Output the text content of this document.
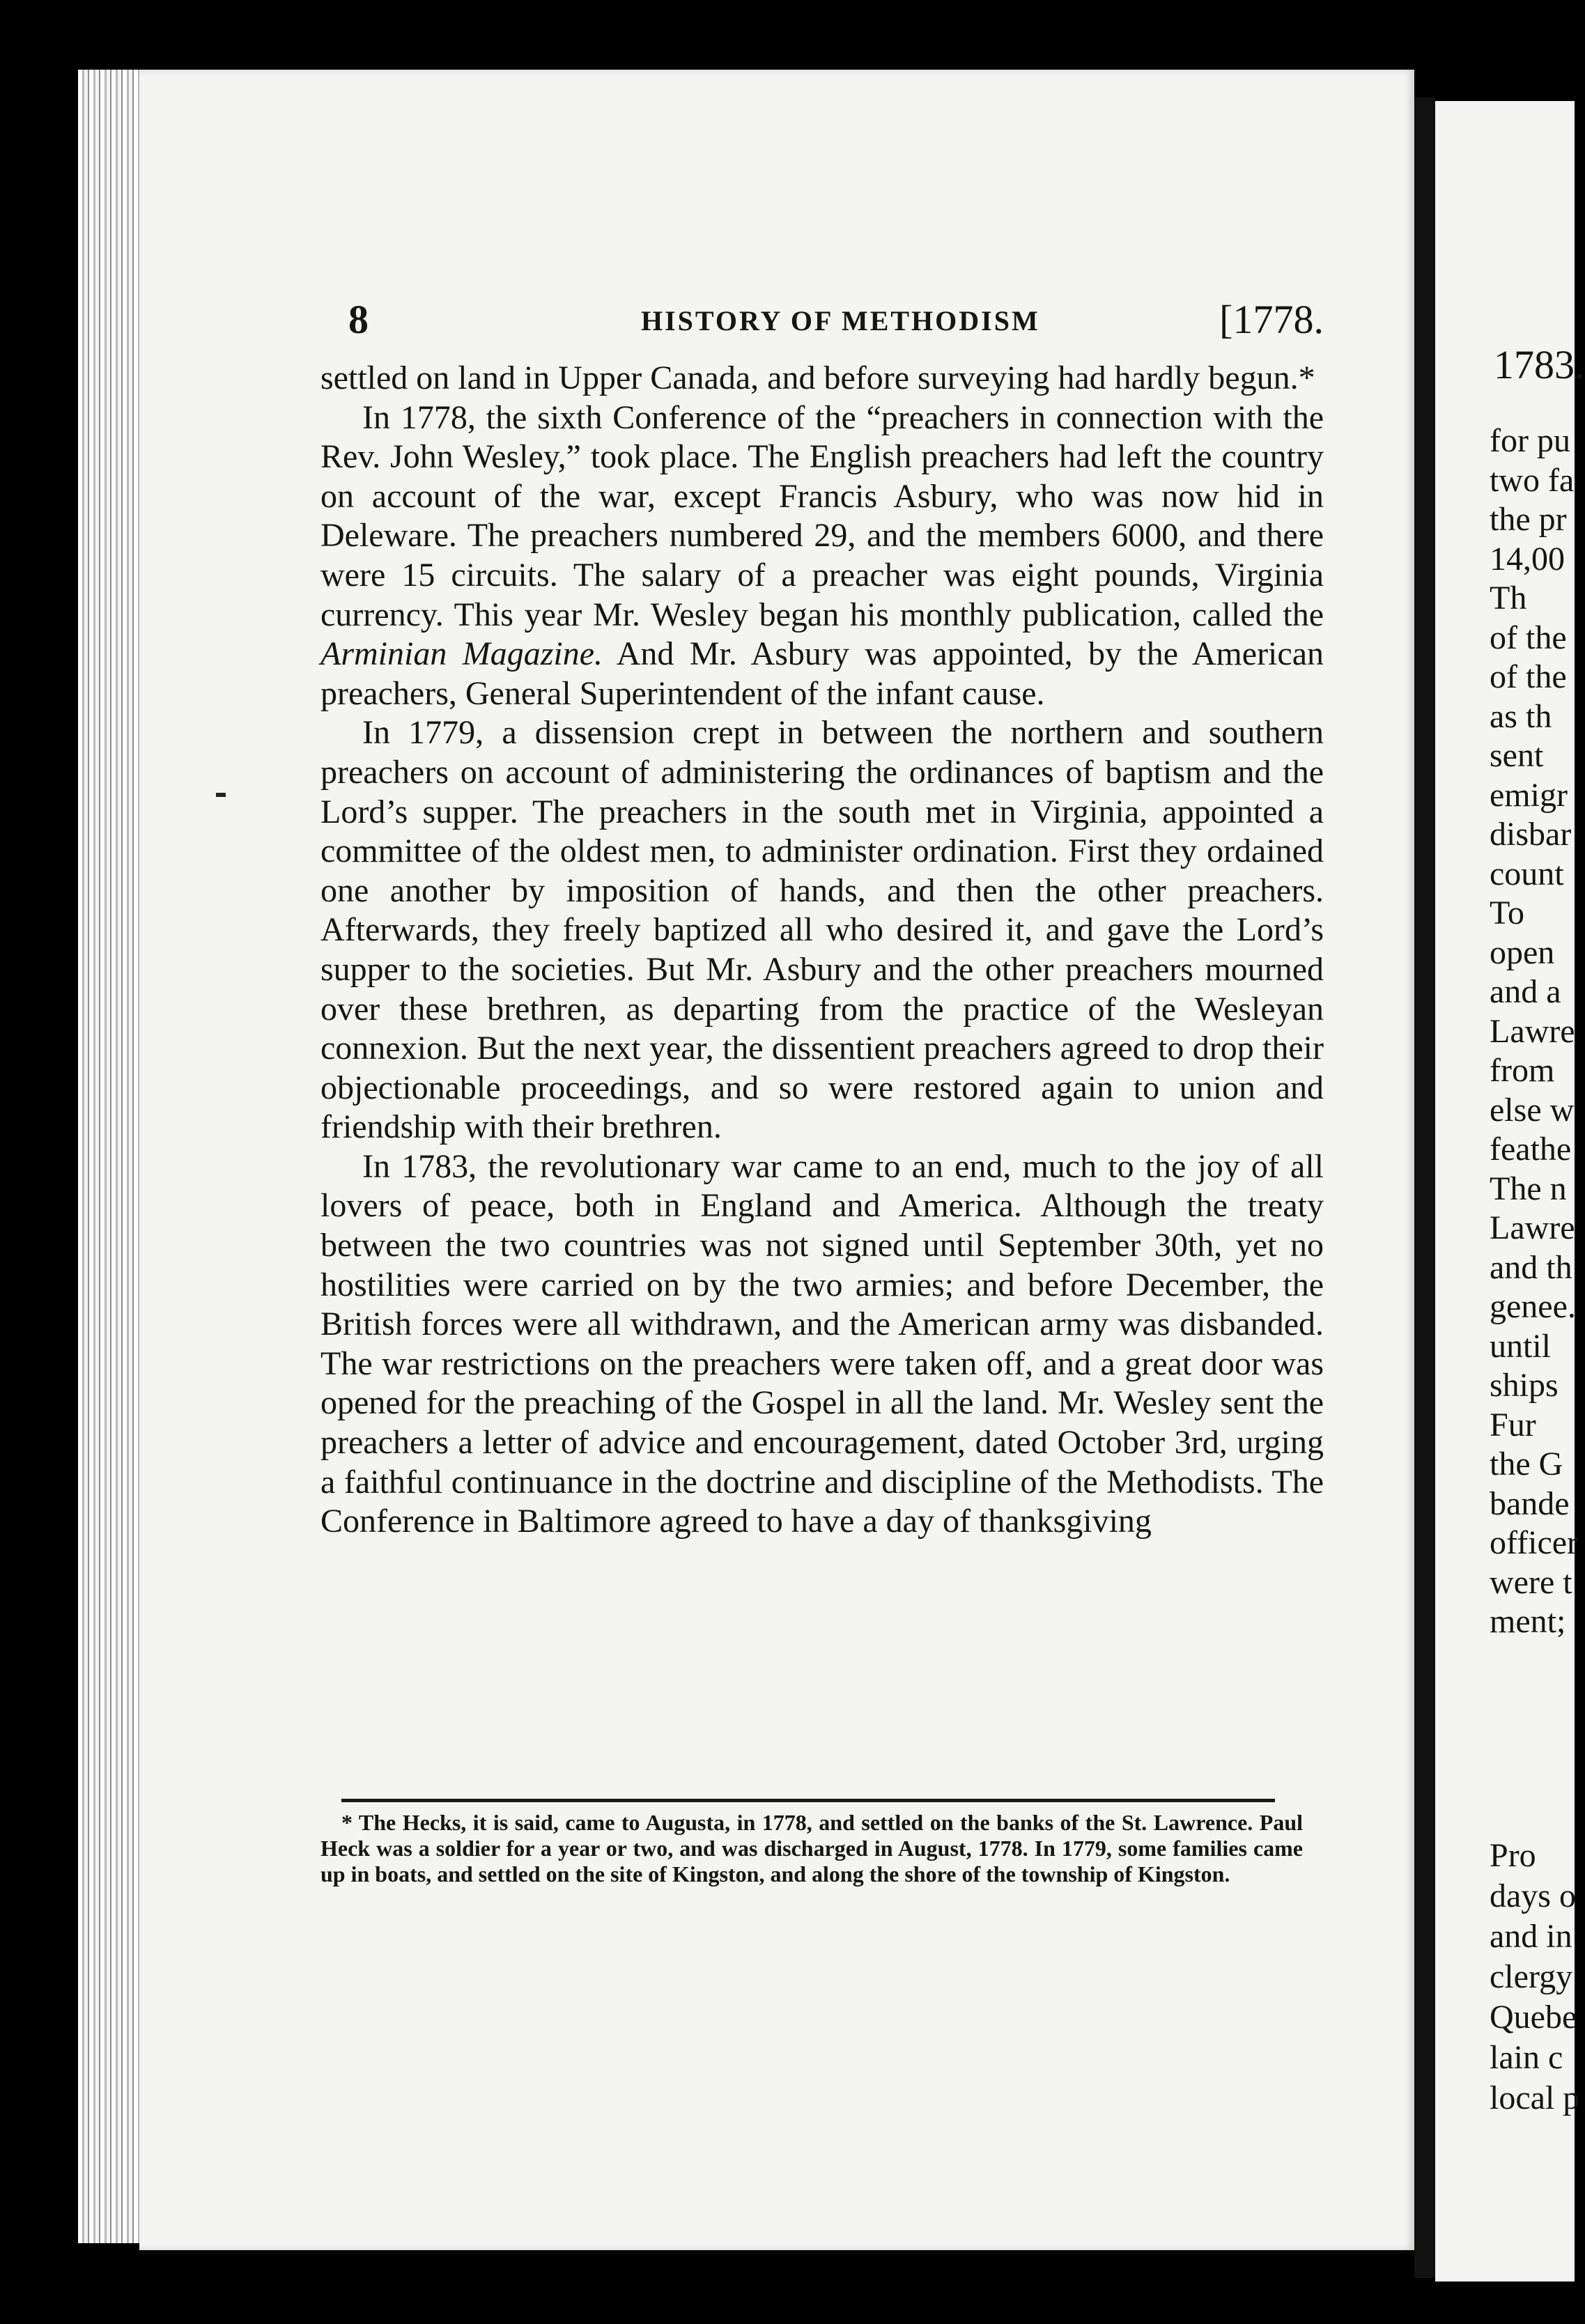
8	HISTORY OF METHODISM	[1778.

settled on land in Upper Canada, and before surveying had hardly begun.*

In 1778, the sixth Conference of the “preachers in connection with the Rev. John Wesley,” took place. The English preachers had left the country on account of the war, except Francis Asbury, who was now hid in Deleware. The preachers numbered 29, and the members 6000, and there were 15 circuits. The salary of a preacher was eight pounds, Virginia currency. This year Mr. Wesley began his monthly publication, called the Arminian Magazine. And Mr. Asbury was appointed, by the American preachers, General Superintendent of the infant cause.

In 1779, a dissension crept in between the northern and southern preachers on account of administering the ordinances of baptism and the Lord’s supper. The preachers in the south met in Virginia, appointed a committee of the oldest men, to administer ordination. First they ordained one another by imposition of hands, and then the other preachers. Afterwards, they freely baptized all who desired it, and gave the Lord’s supper to the societies. But Mr. Asbury and the other preachers mourned over these brethren, as departing from the practice of the Wesleyan connexion. But the next year, the dissentient preachers agreed to drop their objectionable proceedings, and so were restored again to union and friendship with their brethren.

In 1783, the revolutionary war came to an end, much to the joy of all lovers of peace, both in England and America. Although the treaty between the two countries was not signed until September 30th, yet no hostilities were carried on by the two armies; and before December, the British forces were all withdrawn, and the American army was disbanded. The war restrictions on the preachers were taken off, and a great door was opened for the preaching of the Gospel in all the land. Mr. Wesley sent the preachers a letter of advice and encouragement, dated October 3rd, urging a faithful continuance in the doctrine and discipline of the Methodists. The Conference in Baltimore agreed to have a day of thanksgiving

* The Hecks, it is said, came to Augusta, in 1778, and settled on the banks of the St. Lawrence. Paul Heck was a soldier for a year or two, and was discharged in August, 1778. In 1779, some families came up in boats, and settled on the site of Kingston, and along the shore of the township of Kingston.

1783.
for pu
two fa
the pr
14,00
Th
of the
of the
as th
sent
emigr
disbar
count
To
open
and a
Lawre
from
else w
feathe
The n
Lawre
and th
genee.
until
ships
Fur
the G
bande
officer
were t
ment;
Pro
days o
and in
clergy
Quebe
lain c
local p
